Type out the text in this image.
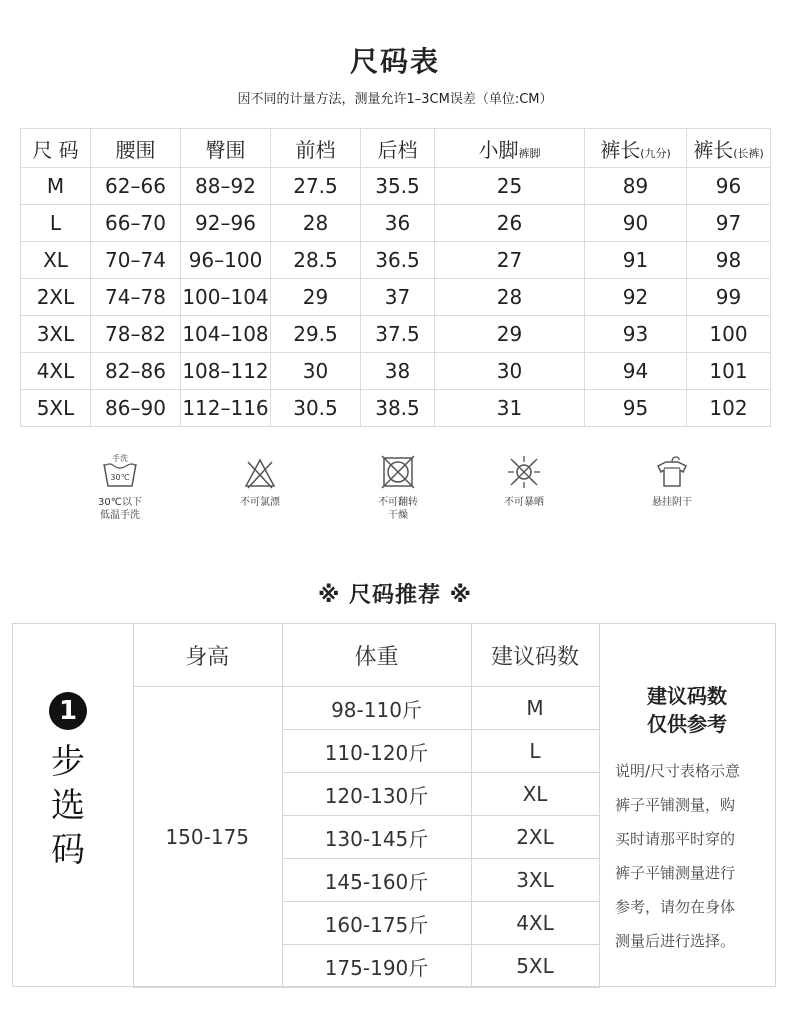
尺码表
因不同的计量方法，测量允许1–3CM误差（单位:CM）
尺 码	腰围	臀围	前档	后档	小脚裤脚	裤长(九分)	裤长(长裤)
M	62–66	88–92	27.5	35.5	25	89	96
L	66–70	92–96	28	36	26	90	97
XL	70–74	96–100	28.5	36.5	27	91	98
2XL	74–78	100–104	29	37	28	92	99
3XL	78–82	104–108	29.5	37.5	29	93	100
4XL	82–86	108–112	30	38	30	94	101
5XL	86–90	112–116	30.5	38.5	31	95	102
手洗
30℃
30℃以下
低温手洗
不可氯漂	不可翻转
干燥
不可暴晒	悬挂阴干
※ 尺码推荐 ※
1
步
选
码
身高	体重	建议码数
150-175	98-110斤	M
	110-120斤	L
	120-130斤	XL
	130-145斤	2XL
	145-160斤	3XL
	160-175斤	4XL
	175-190斤	5XL
建议码数
仅供参考
说明/尺寸表格示意
裤子平铺测量，购
买时请那平时穿的
裤子平铺测量进行
参考，请勿在身体
测量后进行选择。
